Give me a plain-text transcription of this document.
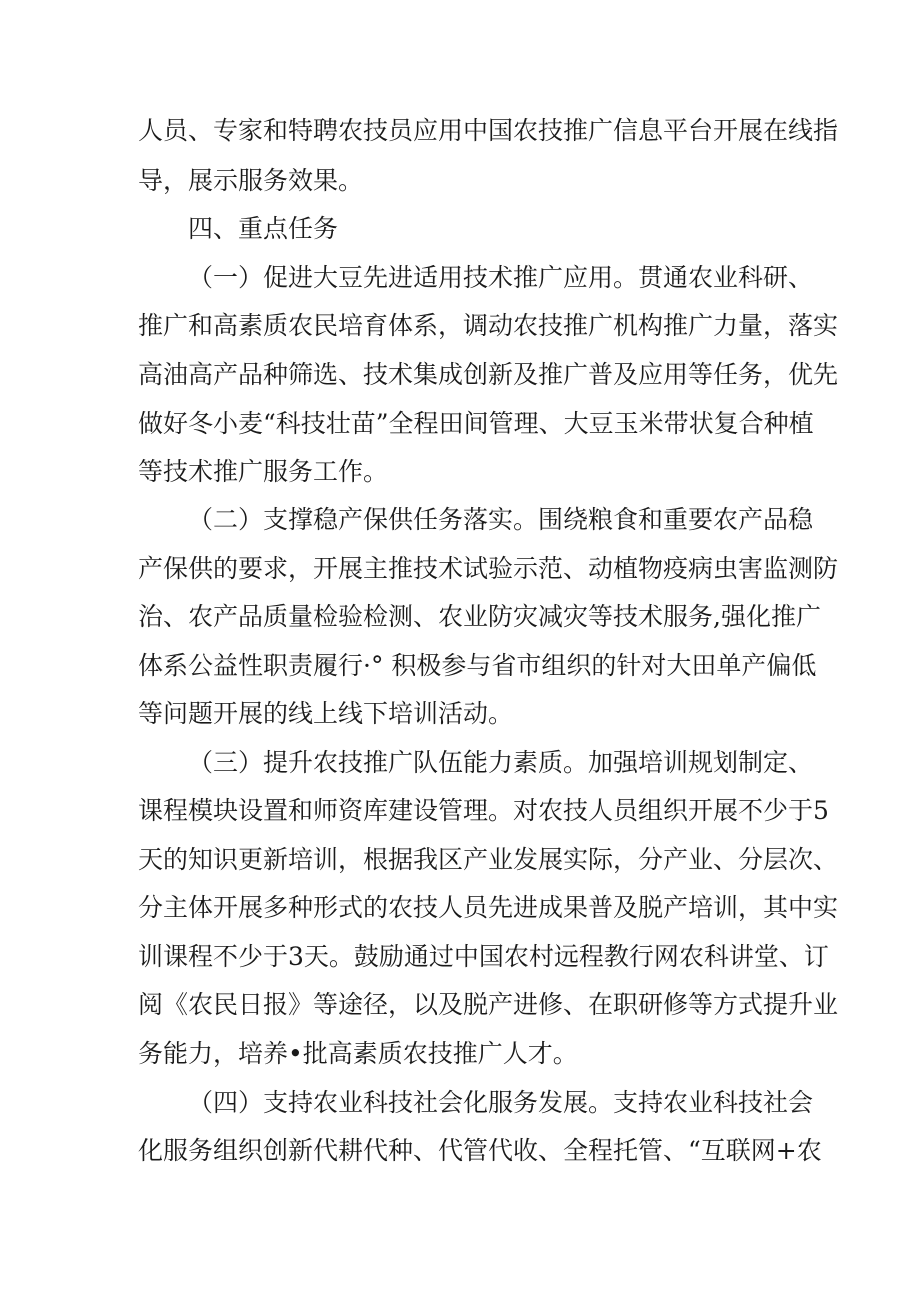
人员、专家和特聘农技员应用中国农技推广信息平台开展在线指
导，展示服务效果。
四、重点任务
（一）促进大豆先进适用技术推广应用。贯通农业科研、
推广和高素质农民培育体系，调动农技推广机构推广力量，落实
高油高产品种筛选、技术集成创新及推广普及应用等任务，优先
做好冬小麦“科技壮苗”全程田间管理、大豆玉米带状复合种植
等技术推广服务工作。
（二）支撑稳产保供任务落实。围绕粮食和重要农产品稳
产保供的要求，开展主推技术试验示范、动植物疫病虫害监测防
治、农产品质量检验检测、农业防灾减灾等技术服务,强化推广
体系公益性职责履行·° 积极参与省市组织的针对大田单产偏低
等问题开展的线上线下培训活动。
（三）提升农技推广队伍能力素质。加强培训规划制定、
课程模块设置和师资库建设管理。对农技人员组织开展不少于5
天的知识更新培训，根据我区产业发展实际，分产业、分层次、
分主体开展多种形式的农技人员先进成果普及脱产培训，其中实
训课程不少于3天。鼓励通过中国农村远程教行网农科讲堂、订
阅《农民日报》等途径，以及脱产进修、在职研修等方式提升业
务能力，培养•批高素质农技推广人才。
（四）支持农业科技社会化服务发展。支持农业科技社会
化服务组织创新代耕代种、代管代收、全程托管、“互联网+农
